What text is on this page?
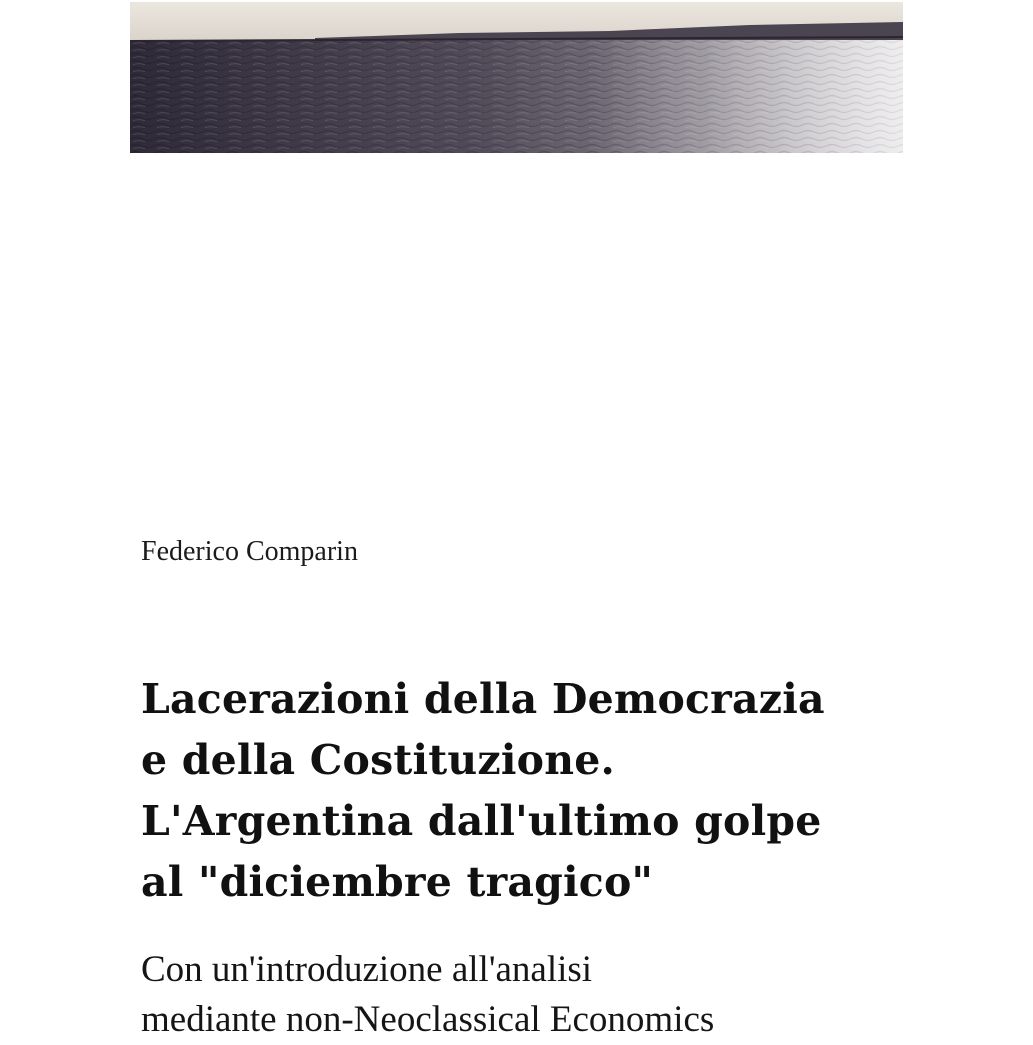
Federico Comparin
Lacerazioni della Democrazia
e della Costituzione.
L'Argentina dall'ultimo golpe
al "diciembre tragico"

Con un'introduzione all'analisi
mediante non-Neoclassical Economics
